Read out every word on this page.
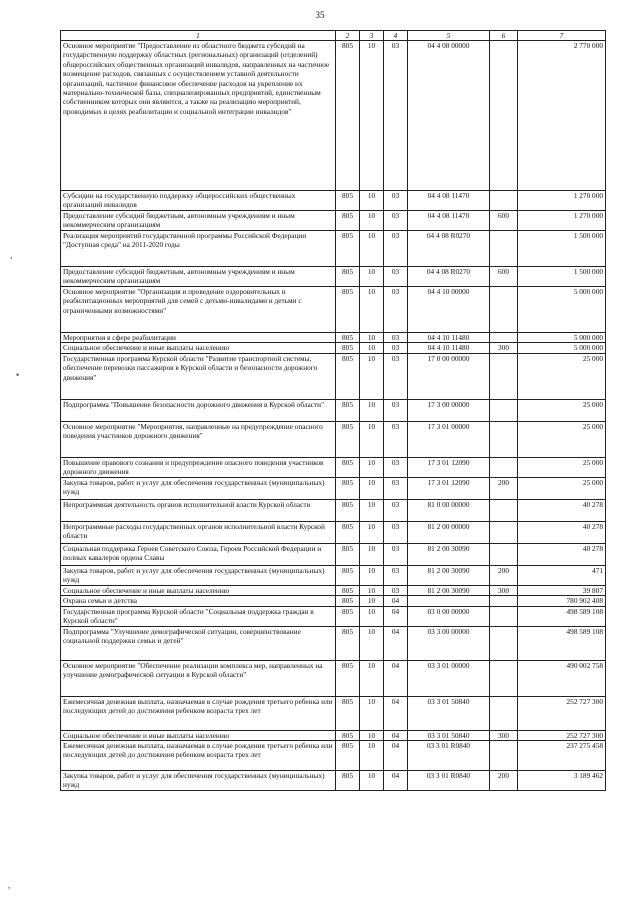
35
,
•
,
1	2	3	4	5	6	7
Основное мероприятие "Предоставление из областного бюджета субсидий на государственную поддержку областных (региональных) организаций (отделений) общероссийских общественных организаций инвалидов, направленных на частичное возмещение расходов, связанных с осуществлением уставной деятельности организаций, частичное финансовое обеспечение расходов на укрепление их материально-технической базы, специализированных предприятий, единственным собственником которых они являются, а также на реализацию мероприятий, проводимых в целях реабилитации и социальной интеграции инвалидов"	805	10	03	04 4 08 00000		2 770 000
Субсидии на государственную поддержку общероссийских общественных организаций инвалидов	805	10	03	04 4 08 11470		1 270 000
Предоставление субсидий бюджетным, автономным учреждениям и иным некоммерческим организациям	805	10	03	04 4 08 11470	600	1 270 000
Реализация мероприятий государственной программы Российской Федерации "Доступная среда" на 2011-2020 годы	805	10	03	04 4 08 R0270		1 500 000
Предоставление субсидий бюджетным, автономным учреждениям и иным некоммерческим организациям	805	10	03	04 4 08 R0270	600	1 500 000
Основное мероприятие "Организация и проведение оздоровительных и реабилитационных мероприятий для семей с детьми-инвалидами и детьми с ограниченными возможностями"	805	10	03	04 4 10 00000		5 000 000
Мероприятия в сфере реабилитации	805	10	03	04 4 10 11480		5 000 000
Социальное обеспечение и иные выплаты населению	805	10	03	04 4 10 11480	300	5 000 000
Государственная программа Курской области "Развитие транспортной системы, обеспечение перевозки пассажиров в Курской области и безопасности дорожного движения"	805	10	03	17 0 00 00000		25 000
Подпрограмма "Повышение безопасности дорожного движения в Курской области"	805	10	03	17 3 00 00000		25 000
Основное мероприятие "Мероприятия, направленные на предупреждение опасного поведения участников дорожного движения"	805	10	03	17 3 01 00000		25 000
Повышение правового сознания и предупреждение опасного поведения участников дорожного движения	805	10	03	17 3 01 12090		25 000
Закупка товаров, работ и услуг для обеспечения государственных (муниципальных) нужд	805	10	03	17 3 01 12090	200	25 000
Непрограммная деятельность органов исполнительной власти Курской области	805	10	03	81 0 00 00000		40 278
Непрограммные расходы государственных органов исполнительной власти Курской области	805	10	03	81 2 00 00000		40 278
Социальная поддержка Героев Советского Союза, Героев Российской Федерации и полных кавалеров ордена Славы	805	10	03	81 2 00 30090		40 278
Закупка товаров, работ и услуг для обеспечения государственных (муниципальных) нужд	805	10	03	81 2 00 30090	200	471
Социальное обеспечение и иные выплаты населению	805	10	03	81 2 00 30090	300	39 807
Охрана семьи и детства	805	10	04			780 902 408
Государственная программа Курской области "Социальная поддержка граждан в Курской области"	805	10	04	03 0 00 00000		498 589 108
Подпрограмма "Улучшение демографической ситуации, совершенствование социальной поддержки семьи и детей"	805	10	04	03 3 00 00000		498 589 108
Основное мероприятие "Обеспечение реализации комплекса мер, направленных на улучшение демографической ситуации в Курской области"	805	10	04	03 3 01 00000		490 002 758
Ежемесячная денежная выплата, назначаемая в случае рождения третьего ребенка или последующих детей до достижения ребенком возраста трех лет	805	10	04	03 3 01 50840		252 727 300
Социальное обеспечение и иные выплаты населению	805	10	04	03 3 01 50840	300	252 727 300
Ежемесячная денежная выплата, назначаемая в случае рождения третьего ребенка или последующих детей до достижения ребенком возраста трех лет	805	10	04	03 3 01 R0840		237 275 458
Закупка товаров, работ и услуг для обеспечения государственных (муниципальных) нужд	805	10	04	03 3 01 R0840	200	3 189 462
